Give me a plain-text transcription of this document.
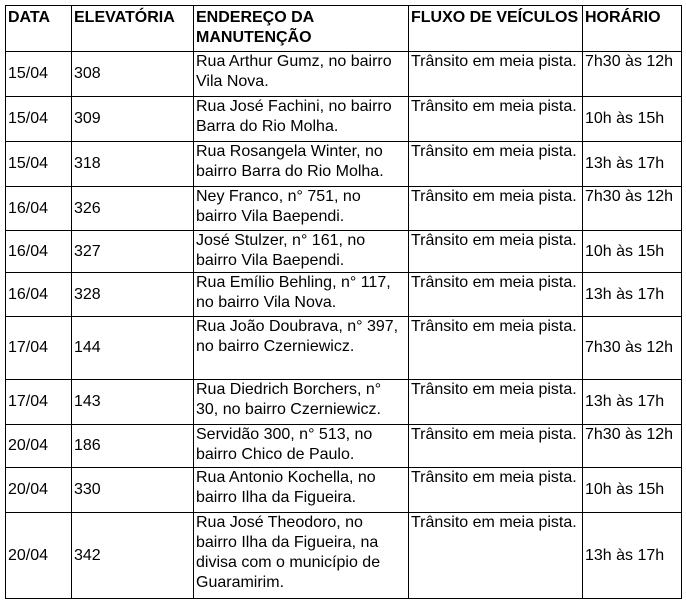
DATA	ELEVATÓRIA	ENDEREÇO DA MANUTENÇÃO	FLUXO DE VEÍCULOS	HORÁRIO
15/04	308	Rua Arthur Gumz, no bairro Vila Nova.	Trânsito em meia pista.	7h30 às 12h
15/04	309	Rua José Fachini, no bairro Barra do Rio Molha.	Trânsito em meia pista.	10h às 15h
15/04	318	Rua Rosangela Winter, no bairro Barra do Rio Molha.	Trânsito em meia pista.	13h às 17h
16/04	326	Ney Franco, n° 751, no bairro Vila Baependi.	Trânsito em meia pista.	7h30 às 12h
16/04	327	José Stulzer, n° 161, no bairro Vila Baependi.	Trânsito em meia pista.	10h às 15h
16/04	328	Rua Emílio Behling, n° 117, no bairro Vila Nova.	Trânsito em meia pista.	13h às 17h
17/04	144	Rua João Doubrava, n° 397, no bairro Czerniewicz.	Trânsito em meia pista.	7h30 às 12h
17/04	143	Rua Diedrich Borchers, n° 30, no bairro Czerniewicz.	Trânsito em meia pista.	13h às 17h
20/04	186	Servidão 300, n° 513, no bairro Chico de Paulo.	Trânsito em meia pista.	7h30 às 12h
20/04	330	Rua Antonio Kochella, no bairro Ilha da Figueira.	Trânsito em meia pista.	10h às 15h
20/04	342	Rua José Theodoro, no bairro Ilha da Figueira, na divisa com o município de Guaramirim.	Trânsito em meia pista.	13h às 17h
